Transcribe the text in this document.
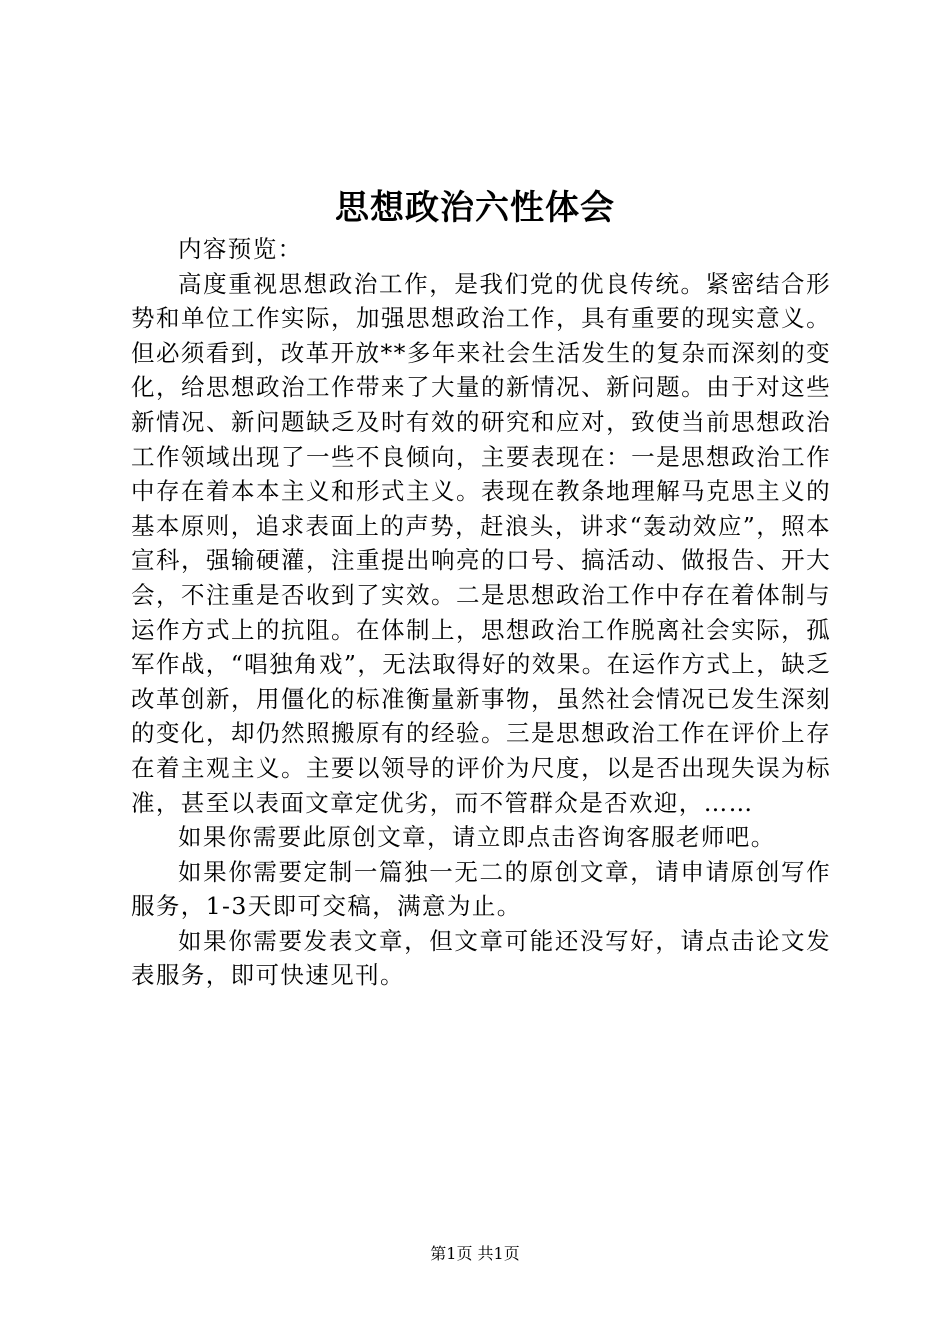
思想政治六性体会

内容预览：

高度重视思想政治工作，是我们党的优良传统。紧密结合形势和单位工作实际，加强思想政治工作，具有重要的现实意义。但必须看到，改革开放**多年来社会生活发生的复杂而深刻的变化，给思想政治工作带来了大量的新情况、新问题。由于对这些新情况、新问题缺乏及时有效的研究和应对，致使当前思想政治工作领域出现了一些不良倾向，主要表现在：一是思想政治工作中存在着本本主义和形式主义。表现在教条地理解马克思主义的基本原则，追求表面上的声势，赶浪头，讲求“轰动效应”，照本宣科，强输硬灌，注重提出响亮的口号、搞活动、做报告、开大会，不注重是否收到了实效。二是思想政治工作中存在着体制与运作方式上的抗阻。在体制上，思想政治工作脱离社会实际，孤军作战，“唱独角戏”，无法取得好的效果。在运作方式上，缺乏改革创新，用僵化的标准衡量新事物，虽然社会情况已发生深刻的变化，却仍然照搬原有的经验。三是思想政治工作在评价上存在着主观主义。主要以领导的评价为尺度，以是否出现失误为标准，甚至以表面文章定优劣，而不管群众是否欢迎，……

如果你需要此原创文章，请立即点击咨询客服老师吧。

如果你需要定制一篇独一无二的原创文章，请申请原创写作服务，1-3天即可交稿，满意为止。

如果你需要发表文章，但文章可能还没写好，请点击论文发表服务，即可快速见刊。

第1页 共1页
